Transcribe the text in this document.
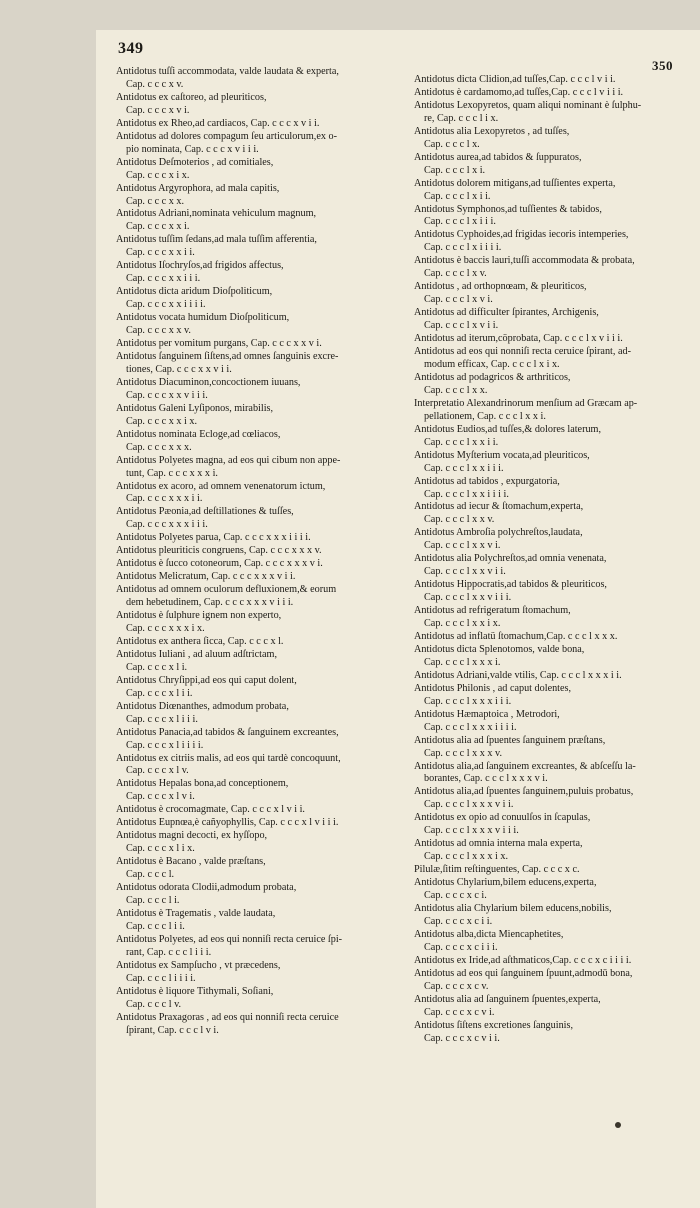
349
350

Antidotus tuſſi accommodata, valde laudata & experta,
Cap. c c c x v.

Antidotus ex caſtoreo, ad pleuriticos,
Cap. c c c x v i.

Antidotus ex Rheo,ad cardiacos, Cap. c c c x v i i.

Antidotus ad dolores compagum ſeu articulorum,ex o-
pio nominata, Cap. c c c x v i i i.

Antidotus Deſmoterios , ad comitiales,
Cap. c c c x i x.

Antidotus Argyrophora, ad mala capitis,
Cap. c c c x x.

Antidotus Adriani,nominata vehiculum magnum,
Cap. c c c x x i.

Antidotus tuſſim ſedans,ad mala tuſſim afferentia,
Cap. c c c x x i i.

Antidotus Iſochryſos,ad frigidos affectus,
Cap. c c c x x i i i.

Antidotus dicta aridum Dioſpoliticum,
Cap. c c c x x i i i i.

Antidotus vocata humidum Dioſpoliticum,
Cap. c c c x x v.

Antidotus per vomitum purgans, Cap. c c c x x v i.

Antidotus ſanguinem ſiſtens,ad omnes ſanguinis excre-
tiones, Cap. c c c x x v i i.

Antidotus Diacuminon,concoctionem iuuans,
Cap. c c c x x v i i i.

Antidotus Galeni Lyſiponos, mirabilis,
Cap. c c c x x i x.

Antidotus nominata Ecloge,ad cœliacos,
Cap. c c c x x x.

Antidotus Polyetes magna, ad eos qui cibum non appe-
tunt, Cap. c c c x x x i.

Antidotus ex acoro, ad omnem venenatorum ictum,
Cap. c c c x x x i i.

Antidotus Pæonia,ad deſtillationes & tuſſes,
Cap. c c c x x x i i i.

Antidotus Polyetes parua, Cap. c c c x x x i i i i.

Antidotus pleuriticis congruens, Cap. c c c x x x v.

Antidotus è ſucco cotoneorum, Cap. c c c x x x v i.

Antidotus Melicratum, Cap. c c c x x x v i i.

Antidotus ad omnem oculorum defluxionem,& eorum
dem hebetudinem, Cap. c c c x x x v i i i.

Antidotus è ſulphure ignem non experto,
Cap. c c c x x x i x.

Antidotus ex anthera ſicca, Cap. c c c x l.

Antidotus Iuliani , ad aluum adſtrictam,
Cap. c c c x l i.

Antidotus Chryſippi,ad eos qui caput dolent,
Cap. c c c x l i i.

Antidotus Diœnanthes, admodum probata,
Cap. c c c x l i i i.

Antidotus Panacia,ad tabidos & ſanguinem excreantes,
Cap. c c c x l i i i i.

Antidotus ex citriis malis, ad eos qui tardè concoquunt,
Cap. c c c x l v.

Antidotus Hepalas bona,ad conceptionem,
Cap. c c c x l v i.

Antidotus è crocomagmate, Cap. c c c x l v i i.

Antidotus Eupnœa,è cañyophyllis, Cap. c c c x l v i i i.

Antidotus magni decocti, ex hyſſopo,
Cap. c c c x l i x.

Antidotus è Bacano , valde præſtans,
Cap. c c c l.

Antidotus odorata Clodii,admodum probata,
Cap. c c c l i.

Antidotus è Tragematis , valde laudata,
Cap. c c c l i i.

Antidotus Polyetes, ad eos qui nonniſi recta ceruice ſpi-
rant, Cap. c c c l i i i.

Antidotus ex Sampſucho , vt præcedens,
Cap. c c c l i i i i.

Antidotus è liquore Tithymali, Soſiani,
Cap. c c c l v.

Antidotus Praxagoras , ad eos qui nonniſi recta ceruice
ſpirant, Cap. c c c l v i.

Antidotus dicta Clidion,ad tuſſes,Cap. c c c l v i i.

Antidotus è cardamomo,ad tuſſes,Cap. c c c l v i i i.

Antidotus Lexopyretos, quam aliqui nominant è ſulphu-
re, Cap. c c c l i x.

Antidotus alia Lexopyretos , ad tuſſes,
Cap. c c c l x.

Antidotus aurea,ad tabidos & ſuppuratos,
Cap. c c c l x i.

Antidotus dolorem mitigans,ad tuſſientes experta,
Cap. c c c l x i i.

Antidotus Symphonos,ad tuſſientes & tabidos,
Cap. c c c l x i i i.

Antidotus Cyphoides,ad frigidas iecoris intemperies,
Cap. c c c l x i i i i.

Antidotus è baccis lauri,tuſſi accommodata & probata,
Cap. c c c l x v.

Antidotus , ad orthopnœam, & pleuriticos,
Cap. c c c l x v i.

Antidotus ad difficulter ſpirantes, Archigenis,
Cap. c c c l x v i i.

Antidotus ad iterum,cöprobata, Cap. c c c l x v i i i.

Antidotus ad eos qui nonniſi recta ceruice ſpirant, ad-
modum efficax, Cap. c c c l x i x.

Antidotus ad podagricos & arthriticos,
Cap. c c c l x x.

Interpretatio Alexandrinorum menſium ad Græcam ap-
pellationem, Cap. c c c l x x i.

Antidotus Eudios,ad tuſſes,& dolores laterum,
Cap. c c c l x x i i.

Antidotus Myſterium vocata,ad pleuriticos,
Cap. c c c l x x i i i.

Antidotus ad tabidos , expurgatoria,
Cap. c c c l x x i i i i.

Antidotus ad iecur & ſtomachum,experta,
Cap. c c c l x x v.

Antidotus Ambroſia polychreſtos,laudata,
Cap. c c c l x x v i.

Antidotus alia Polychreſtos,ad omnia venenata,
Cap. c c c l x x v i i.

Antidotus Hippocratis,ad tabidos & pleuriticos,
Cap. c c c l x x v i i i.

Antidotus ad refrigeratum ſtomachum,
Cap. c c c l x x i x.

Antidotus ad inflatü ſtomachum,Cap. c c c l x x x.

Antidotus dicta Splenotomos, valde bona,
Cap. c c c l x x x i.

Antidotus Adriani,valde vtilis, Cap. c c c l x x x i i.

Antidotus Philonis , ad caput dolentes,
Cap. c c c l x x x i i i.

Antidotus Hæmaptoica , Metrodori,
Cap. c c c l x x x i i i i.

Antidotus alia ad ſpuentes ſanguinem præſtans,
Cap. c c c l x x x v.

Antidotus alia,ad ſanguinem excreantes, & abſceſſu la-
borantes, Cap. c c c l x x x v i.

Antidotus alia,ad ſpuentes ſanguinem,puluis probatus,
Cap. c c c l x x x v i i.

Antidotus ex opio ad conuulſos in ſcapulas,
Cap. c c c l x x x v i i i.

Antidotus ad omnia interna mala experta,
Cap. c c c l x x x i x.

Pilulæ,ſitim reſtinguentes, Cap. c c c x c.

Antidotus Chylarium,bilem educens,experta,
Cap. c c c x c i.

Antidotus alia Chylarium bilem educens,nobilis,
Cap. c c c x c i i.

Antidotus alba,dicta Miencaphetites,
Cap. c c c x c i i i.

Antidotus ex Iride,ad aſthmaticos,Cap. c c c x c i i i i.

Antidotus ad eos qui ſanguinem ſpuunt,admodū bona,
Cap. c c c x c v.

Antidotus alia ad ſanguinem ſpuentes,experta,
Cap. c c c x c v i.

Antidotus ſiſtens excretiones ſanguinis,
Cap. c c c x c v i i.
